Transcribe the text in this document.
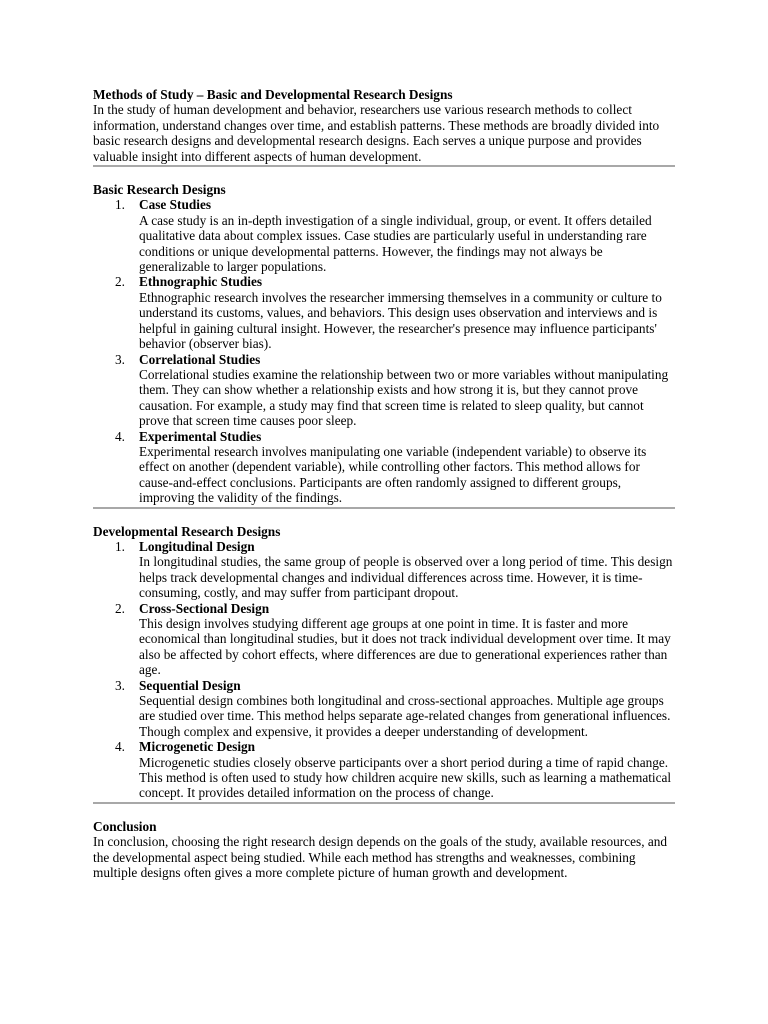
Methods of Study – Basic and Developmental Research Designs

In the study of human development and behavior, researchers use various research methods to collect information, understand changes over time, and establish patterns. These methods are broadly divided into basic research designs and developmental research designs. Each serves a unique purpose and provides valuable insight into different aspects of human development.

Basic Research Designs

1.	Case Studies
A case study is an in-depth investigation of a single individual, group, or event. It offers detailed qualitative data about complex issues. Case studies are particularly useful in understanding rare conditions or unique developmental patterns. However, the findings may not always be generalizable to larger populations.
2.	Ethnographic Studies
Ethnographic research involves the researcher immersing themselves in a community or culture to understand its customs, values, and behaviors. This design uses observation and interviews and is helpful in gaining cultural insight. However, the researcher's presence may influence participants' behavior (observer bias).
3.	Correlational Studies
Correlational studies examine the relationship between two or more variables without manipulating them. They can show whether a relationship exists and how strong it is, but they cannot prove causation. For example, a study may find that screen time is related to sleep quality, but cannot prove that screen time causes poor sleep.
4.	Experimental Studies
Experimental research involves manipulating one variable (independent variable) to observe its effect on another (dependent variable), while controlling other factors. This method allows for cause-and-effect conclusions. Participants are often randomly assigned to different groups, improving the validity of the findings.

Developmental Research Designs

1.	Longitudinal Design
In longitudinal studies, the same group of people is observed over a long period of time. This design helps track developmental changes and individual differences across time. However, it is time-consuming, costly, and may suffer from participant dropout.
2.	Cross-Sectional Design
This design involves studying different age groups at one point in time. It is faster and more economical than longitudinal studies, but it does not track individual development over time. It may also be affected by cohort effects, where differences are due to generational experiences rather than age.
3.	Sequential Design
Sequential design combines both longitudinal and cross-sectional approaches. Multiple age groups are studied over time. This method helps separate age-related changes from generational influences. Though complex and expensive, it provides a deeper understanding of development.
4.	Microgenetic Design
Microgenetic studies closely observe participants over a short period during a time of rapid change. This method is often used to study how children acquire new skills, such as learning a mathematical concept. It provides detailed information on the process of change.

Conclusion

In conclusion, choosing the right research design depends on the goals of the study, available resources, and the developmental aspect being studied. While each method has strengths and weaknesses, combining multiple designs often gives a more complete picture of human growth and development.
